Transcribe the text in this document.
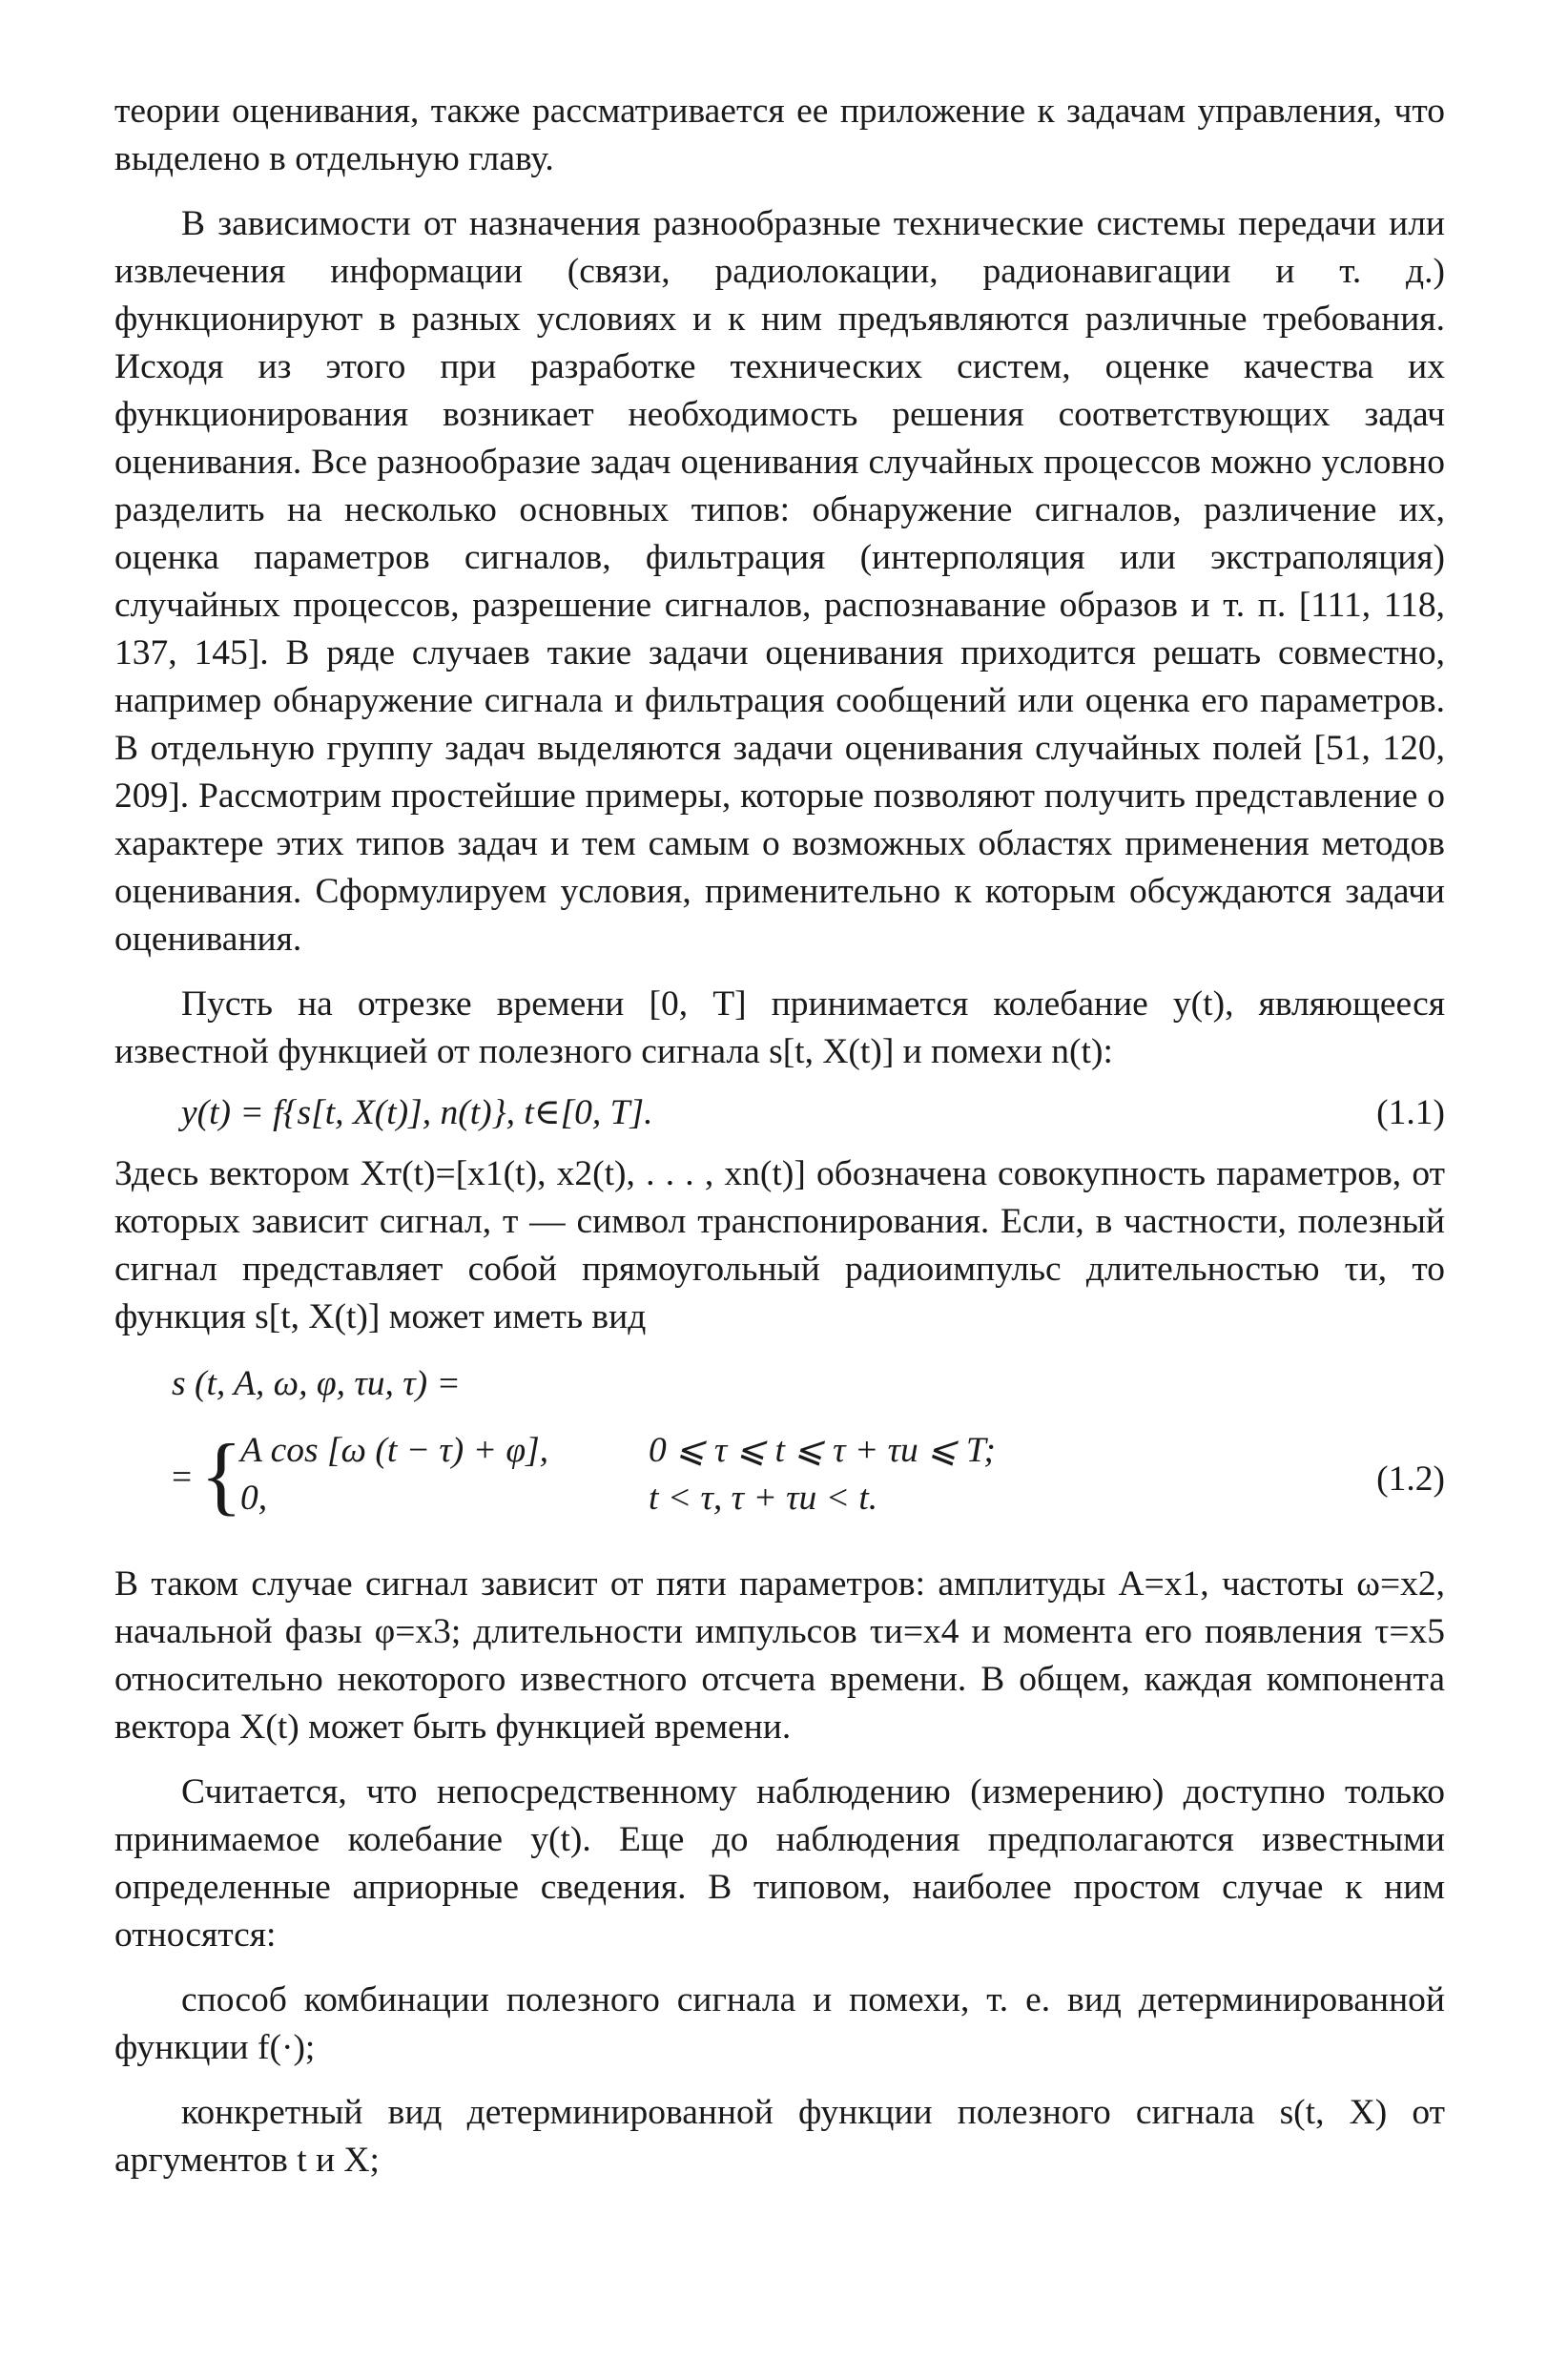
теории оценивания, также рассматривается ее приложение к задачам управления, что выделено в отдельную главу.

В зависимости от назначения разнообразные технические системы передачи или извлечения информации (связи, радиолокации, радионавигации и т. д.) функционируют в разных условиях и к ним предъявляются различные требования. Исходя из этого при разработке технических систем, оценке качества их функционирования возникает необходимость решения соответствующих задач оценивания. Все разнообразие задач оценивания случайных процессов можно условно разделить на несколько основных типов: обнаружение сигналов, различение их, оценка параметров сигналов, фильтрация (интерполяция или экстраполяция) случайных процессов, разрешение сигналов, распознавание образов и т. п. [111, 118, 137, 145]. В ряде случаев такие задачи оценивания приходится решать совместно, например обнаружение сигнала и фильтрация сообщений или оценка его параметров. В отдельную группу задач выделяются задачи оценивания случайных полей [51, 120, 209]. Рассмотрим простейшие примеры, которые позволяют получить представление о характере этих типов задач и тем самым о возможных областях применения методов оценивания. Сформулируем условия, применительно к которым обсуждаются задачи оценивания.

Пусть на отрезке времени [0, T] принимается колебание y(t), являющееся известной функцией от полезного сигнала s[t, X(t)] и помехи n(t):

y(t) = f{s[t, X(t)], n(t)}, t∈[0, T].	(1.1)

Здесь вектором Xт(t)=[x1(t), x2(t), . . . , xn(t)] обозначена совокупность параметров, от которых зависит сигнал, т — символ транспонирования. Если, в частности, полезный сигнал представляет собой прямоугольный радиоимпульс длительностью τи, то функция s[t, X(t)] может иметь вид

s (t, A, ω, φ, τи, τ) =
= {
A cos [ω (t − τ) + φ],	0 ⩽ τ ⩽ t ⩽ τ + τи ⩽ T;
0,	t < τ, τ + τи < t.	(1.2)

В таком случае сигнал зависит от пяти параметров: амплитуды A=x1, частоты ω=x2, начальной фазы φ=x3; длительности импульсов τи=x4 и момента его появления τ=x5 относительно некоторого известного отсчета времени. В общем, каждая компонента вектора X(t) может быть функцией времени.

Считается, что непосредственному наблюдению (измерению) доступно только принимаемое колебание y(t). Еще до наблюдения предполагаются известными определенные априорные сведения. В типовом, наиболее простом случае к ним относятся:

способ комбинации полезного сигнала и помехи, т. е. вид детерминированной функции f(·);

конкретный вид детерминированной функции полезного сигнала s(t, X) от аргументов t и X;
